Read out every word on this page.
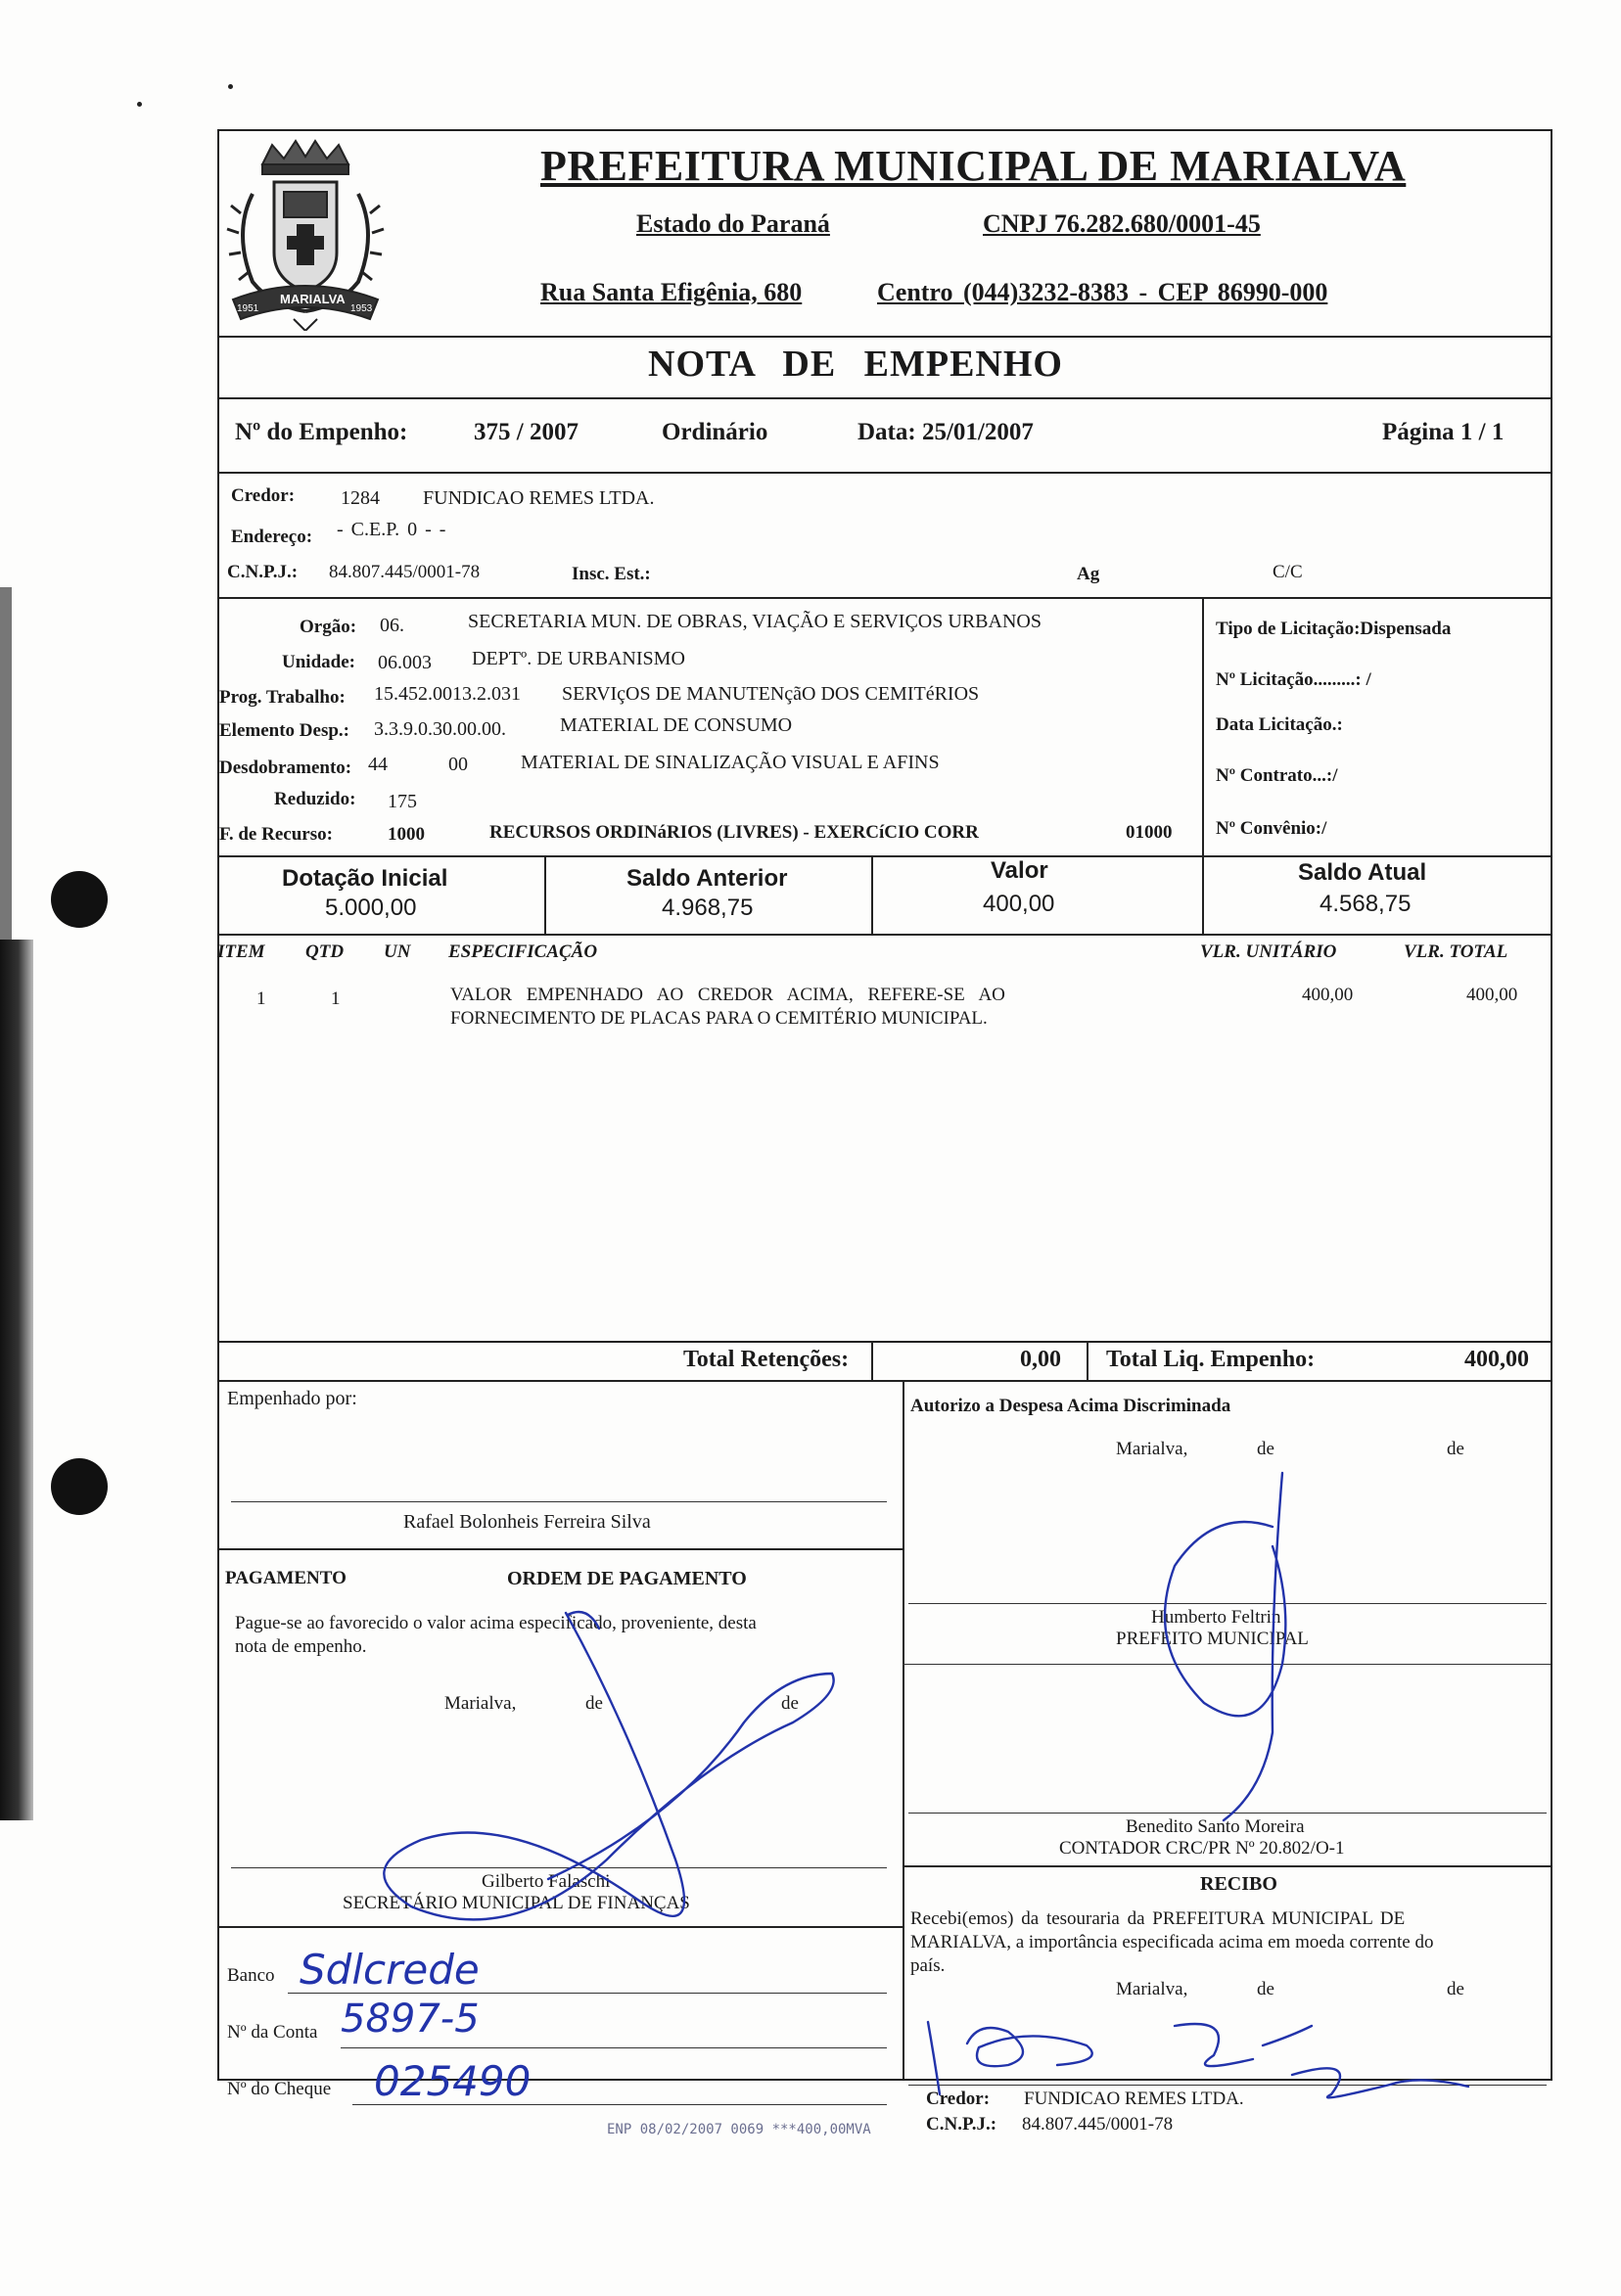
1951
MARIALVA
1953
PREFEITURA MUNICIPAL DE MARIALVA
Estado do Paraná	CNPJ 76.282.680/0001-45
Rua Santa Efigênia, 680	Centro (044)3232-8383 - CEP 86990-000
NOTA DE EMPENHO
Nº do Empenho:	375 / 2007	Ordinário	Data: 25/01/2007	Página 1 / 1
Credor: 1284 FUNDICAO REMES LTDA.
Endereço: - C.E.P. 0 - -
C.N.P.J.: 84.807.445/0001-78	Insc. Est.:	Ag	C/C
Orgão: 06.	SECRETARIA MUN. DE OBRAS, VIAÇÃO E SERVIÇOS URBANOS
Unidade: 06.003 DEPTº. DE URBANISMO
Prog. Trabalho: 15.452.0013.2.031 SERVIçOS DE MANUTENçãO DOS CEMITéRIOS
Elemento Desp.: 3.3.9.0.30.00.00.	MATERIAL DE CONSUMO
Desdobramento: 44	00	MATERIAL DE SINALIZAÇÃO VISUAL E AFINS
Reduzido: 175
F. de Recurso:	1000	RECURSOS ORDINáRIOS (LIVRES) - EXERCíCIO CORR	01000
Tipo de Licitação:Dispensada
Nº Licitação.........: /
Data Licitação.:
Nº Contrato...:/
Nº Convênio:/
Dotação Inicial
5.000,00
Saldo Anterior
4.968,75
Valor
400,00
Saldo Atual
4.568,75
ITEM QTD UN ESPECIFICAÇÃO	VLR. UNITÁRIO	VLR. TOTAL
1	1	VALOR EMPENHADO AO CREDOR ACIMA, REFERE-SE AO
FORNECIMENTO DE PLACAS PARA O CEMITÉRIO MUNICIPAL.
400,00	400,00
Total Retenções:	0,00 Total Liq. Empenho:	400,00
Empenhado por:
Rafael Bolonheis Ferreira Silva
Autorizo a Despesa Acima Discriminada
Marialva,	de	de
Humberto Feltrin
PREFEITO MUNICIPAL
Benedito Santo Moreira
CONTADOR CRC/PR Nº 20.802/O-1
PAGAMENTO	ORDEM DE PAGAMENTO
Pague-se ao favorecido o valor acima especificado, proveniente, desta
nota de empenho.
Marialva,	de	de
Gilberto Falaschi
SECRETÁRIO MUNICIPAL DE FINANÇAS
Banco Sdlcrede
Nº da Conta 5897-5
Nº do Cheque 025490
RECIBO
Recebi(emos) da tesouraria da PREFEITURA MUNICIPAL DE
MARIALVA, a importância especificada acima em moeda corrente do
país.
Marialva,	de	de
Credor: FUNDICAO REMES LTDA.
C.N.P.J.: 84.807.445/0001-78
ENP 08/02/2007 0069 ***400,00MVA
